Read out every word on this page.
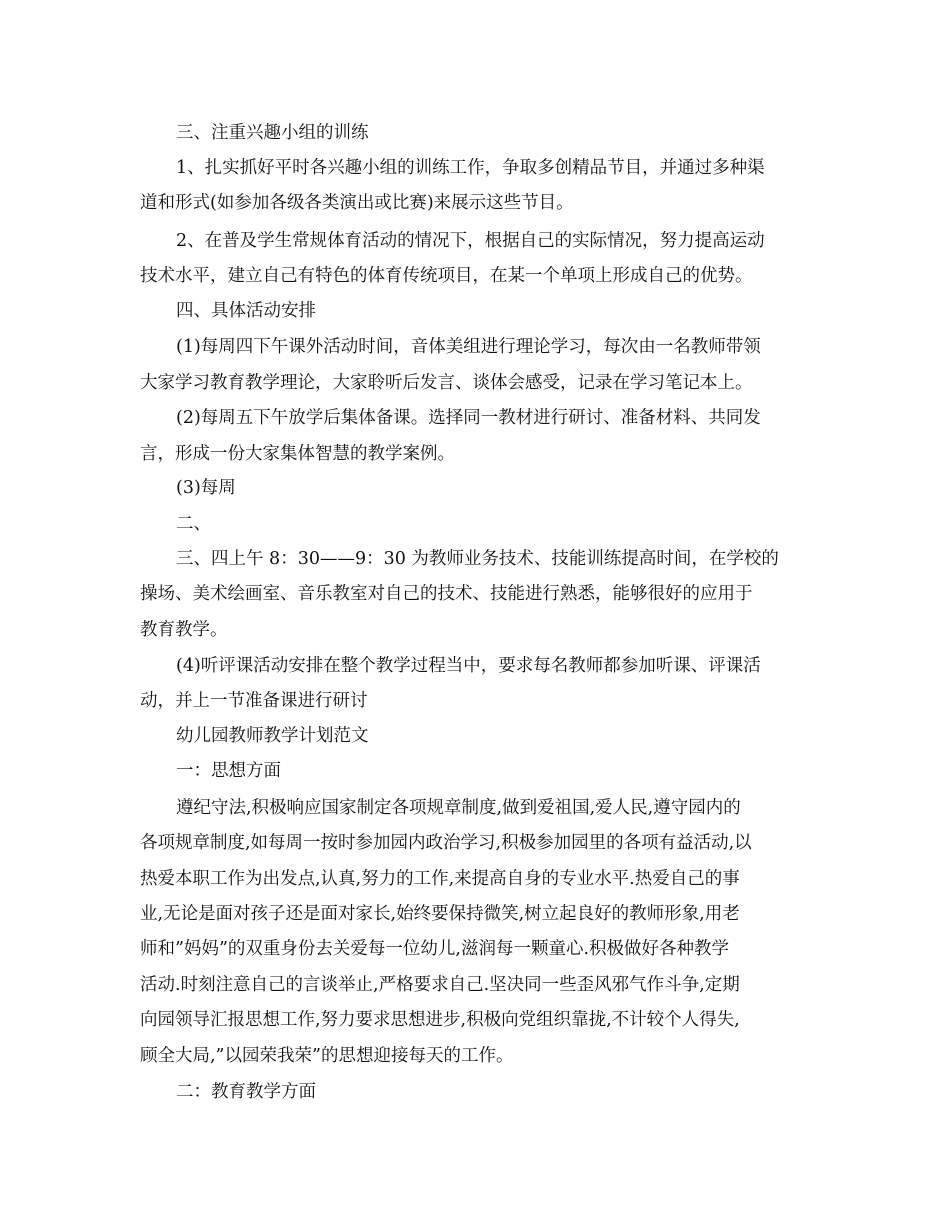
三、注重兴趣小组的训练
1、扎实抓好平时各兴趣小组的训练工作，争取多创精品节目，并通过多种渠
道和形式(如参加各级各类演出或比赛)来展示这些节目。
2、在普及学生常规体育活动的情况下，根据自己的实际情况，努力提高运动
技术水平，建立自己有特色的体育传统项目，在某一个单项上形成自己的优势。
四、具体活动安排
(1)每周四下午课外活动时间，音体美组进行理论学习，每次由一名教师带领
大家学习教育教学理论，大家聆听后发言、谈体会感受，记录在学习笔记本上。
(2)每周五下午放学后集体备课。选择同一教材进行研讨、准备材料、共同发
言，形成一份大家集体智慧的教学案例。
(3)每周
二、
三、四上午 8：30——9：30 为教师业务技术、技能训练提高时间，在学校的
操场、美术绘画室、音乐教室对自己的技术、技能进行熟悉，能够很好的应用于
教育教学。
(4)听评课活动安排在整个教学过程当中，要求每名教师都参加听课、评课活
动，并上一节准备课进行研讨
幼儿园教师教学计划范文
一：思想方面
遵纪守法,积极响应国家制定各项规章制度,做到爱祖国,爱人民,遵守园内的
各项规章制度,如每周一按时参加园内政治学习,积极参加园里的各项有益活动,以
热爱本职工作为出发点,认真,努力的工作,来提高自身的专业水平.热爱自己的事
业,无论是面对孩子还是面对家长,始终要保持微笑,树立起良好的教师形象,用老
师和”妈妈”的双重身份去关爱每一位幼儿,滋润每一颗童心.积极做好各种教学
活动.时刻注意自己的言谈举止,严格要求自己.坚决同一些歪风邪气作斗争,定期
向园领导汇报思想工作,努力要求思想进步,积极向党组织靠拢,不计较个人得失,
顾全大局,”以园荣我荣”的思想迎接每天的工作。
二：教育教学方面
